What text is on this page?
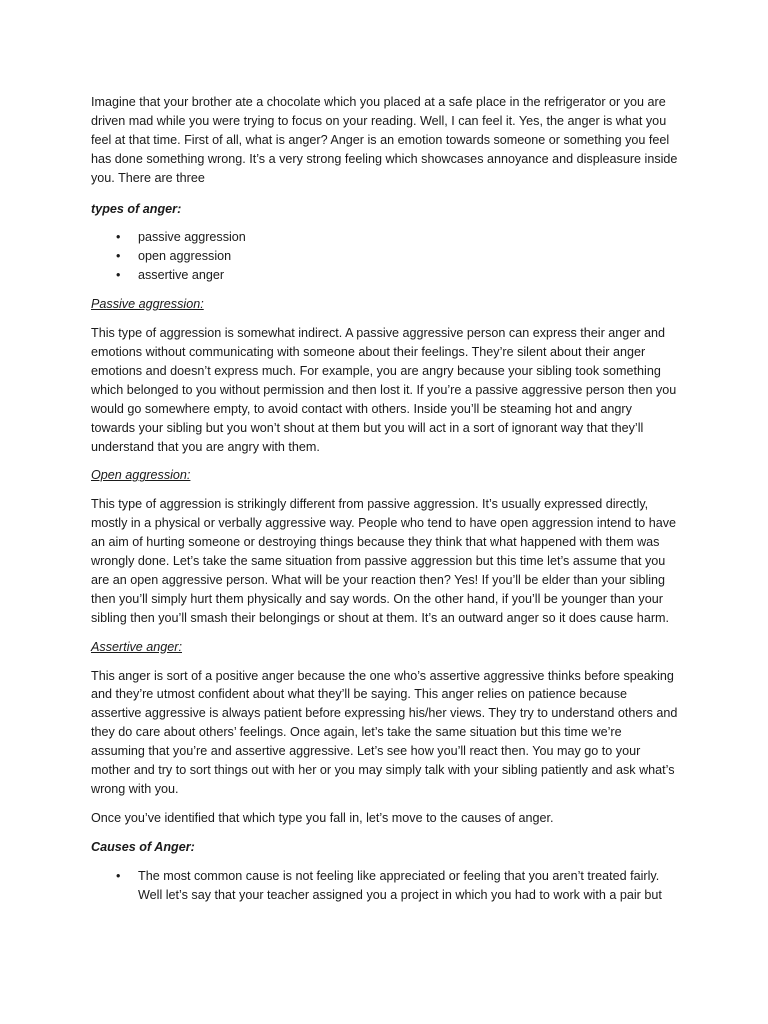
Imagine that your brother ate a chocolate which you placed at a safe place in the refrigerator or you are driven mad while you were trying to focus on your reading. Well, I can feel it. Yes, the anger is what you feel at that time. First of all, what is anger? Anger is an emotion towards someone or something you feel has done something wrong. It’s a very strong feeling which showcases annoyance and displeasure inside you. There are three

types of anger:

• passive aggression
• open aggression
• assertive anger

Passive aggression:

This type of aggression is somewhat indirect. A passive aggressive person can express their anger and emotions without communicating with someone about their feelings. They’re silent about their anger emotions and doesn’t express much. For example, you are angry because your sibling took something which belonged to you without permission and then lost it. If you’re a passive aggressive person then you would go somewhere empty, to avoid contact with others. Inside you’ll be steaming hot and angry towards your sibling but you won’t shout at them but you will act in a sort of ignorant way that they’ll understand that you are angry with them.

Open aggression:

This type of aggression is strikingly different from passive aggression. It’s usually expressed directly, mostly in a physical or verbally aggressive way. People who tend to have open aggression intend to have an aim of hurting someone or destroying things because they think that what happened with them was wrongly done. Let’s take the same situation from passive aggression but this time let’s assume that you are an open aggressive person. What will be your reaction then? Yes! If you’ll be elder than your sibling then you’ll simply hurt them physically and say words. On the other hand, if you’ll be younger than your sibling then you’ll smash their belongings or shout at them. It’s an outward anger so it does cause harm.

Assertive anger:

This anger is sort of a positive anger because the one who’s assertive aggressive thinks before speaking and they’re utmost confident about what they’ll be saying. This anger relies on patience because assertive aggressive is always patient before expressing his/her views. They try to understand others and they do care about others’ feelings. Once again, let’s take the same situation but this time we’re assuming that you’re and assertive aggressive. Let’s see how you’ll react then. You may go to your mother and try to sort things out with her or you may simply talk with your sibling patiently and ask what’s wrong with you.

Once you’ve identified that which type you fall in, let’s move to the causes of anger.

Causes of Anger:

• The most common cause is not feeling like appreciated or feeling that you aren’t treated fairly. Well let’s say that your teacher assigned you a project in which you had to work with a pair but
